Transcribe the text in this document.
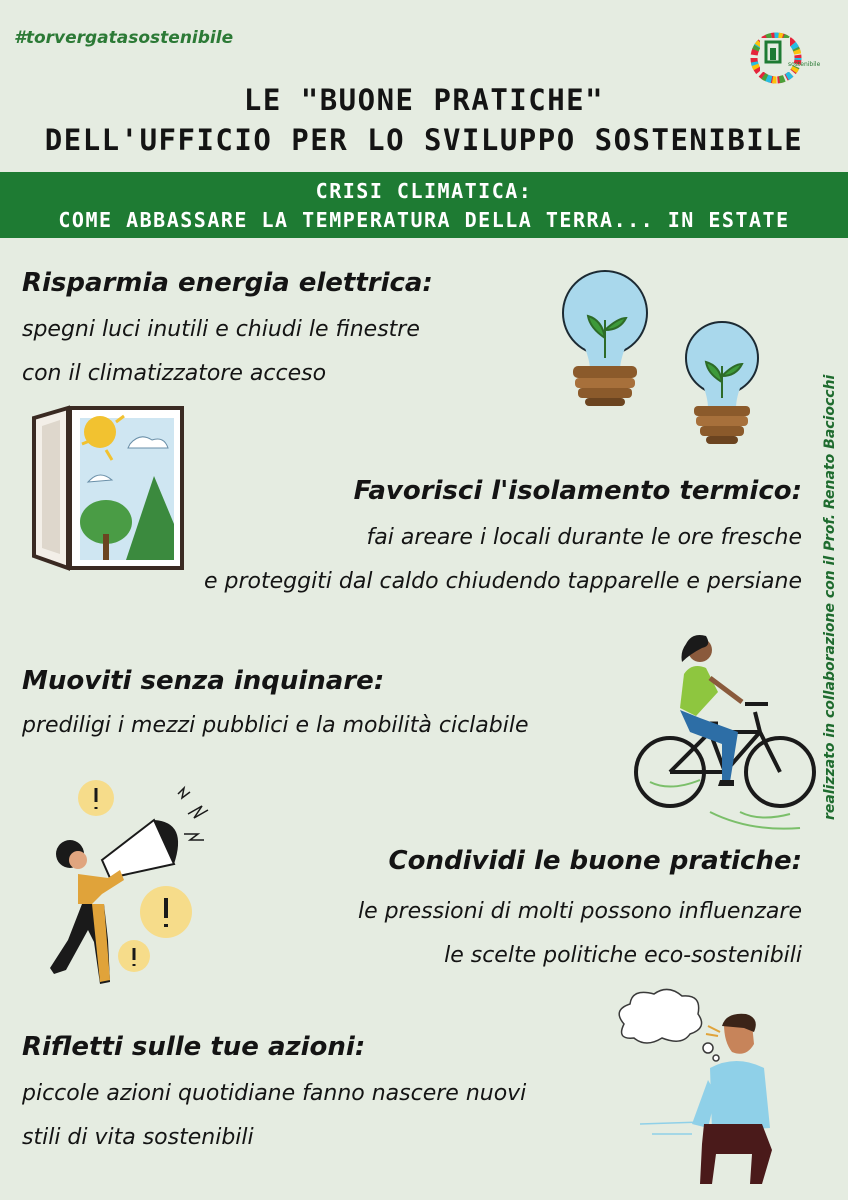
#torvergatasostenibile
sostenibile
LE "BUONE PRATICHE"
DELL'UFFICIO PER LO SVILUPPO SOSTENIBILE
CRISI CLIMATICA:
COME ABBASSARE LA TEMPERATURA DELLA TERRA... IN ESTATE
Risparmia energia elettrica:
spegni luci inutili e chiudi le finestre
con il climatizzatore acceso
Favorisci l'isolamento termico:
fai areare i locali durante le ore fresche
e proteggiti dal caldo chiudendo tapparelle e persiane
Muoviti senza inquinare:
prediligi i mezzi pubblici e la mobilità ciclabile
Condividi le buone pratiche:
le pressioni di molti possono influenzare
le scelte politiche eco-sostenibili
Rifletti sulle tue azioni:
piccole azioni quotidiane fanno nascere nuovi
stili di vita sostenibili
realizzato in collaborazione con il Prof. Renato Baciocchi
